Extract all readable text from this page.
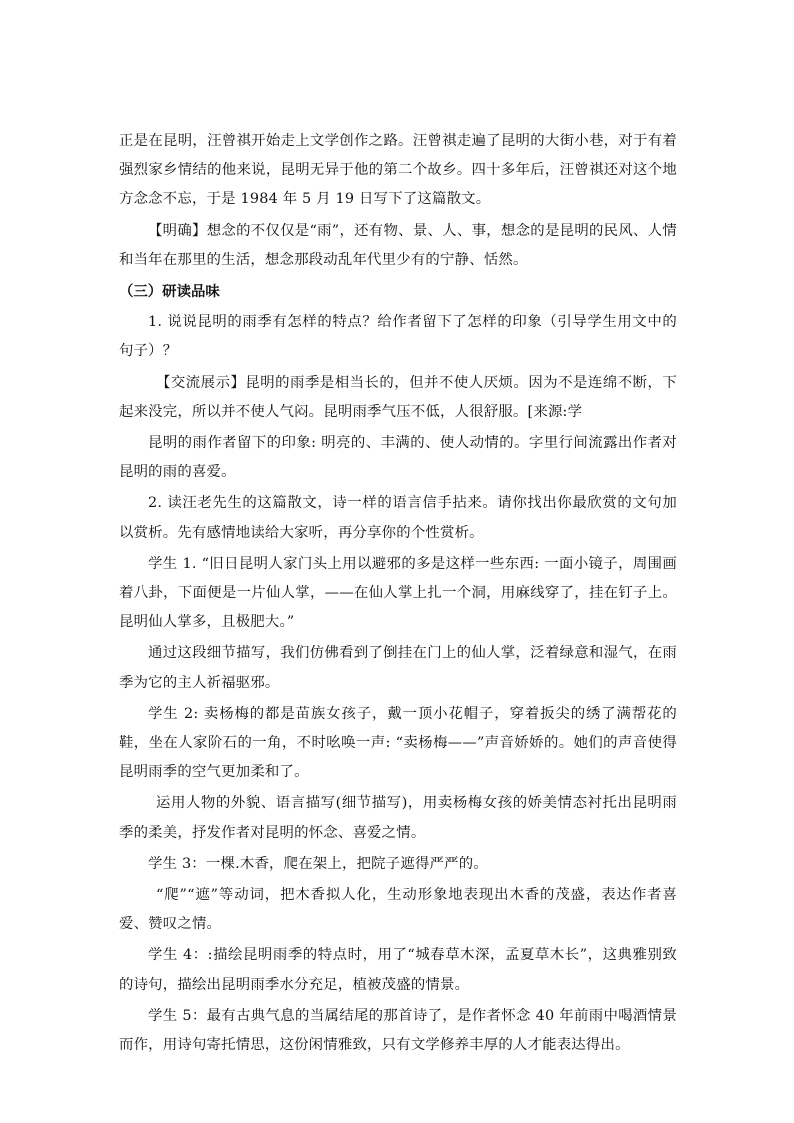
正是在昆明，汪曾祺开始走上文学创作之路。汪曾祺走遍了昆明的大街小巷，对于有着强烈家乡情结的他来说，昆明无异于他的第二个故乡。四十多年后，汪曾祺还对这个地方念念不忘，于是 1984 年 5 月 19 日写下了这篇散文。

【明确】想念的不仅仅是“雨”，还有物、景、人、事，想念的是昆明的民风、人情和当年在那里的生活，想念那段动乱年代里少有的宁静、恬然。

（三）研读品味

1. 说说昆明的雨季有怎样的特点？给作者留下了怎样的印象（引导学生用文中的句子）？

【交流展示】昆明的雨季是相当长的，但并不使人厌烦。因为不是连绵不断，下起来没完，所以并不使人气闷。昆明雨季气压不低，人很舒服。[来源:学

昆明的雨作者留下的印象: 明亮的、丰满的、使人动情的。字里行间流露出作者对昆明的雨的喜爱。

2. 读汪老先生的这篇散文，诗一样的语言信手拈来。请你找出你最欣赏的文句加以赏析。先有感情地读给大家听，再分享你的个性赏析。

学生 1. “旧日昆明人家门头上用以避邪的多是这样一些东西: 一面小镜子，周围画着八卦，下面便是一片仙人掌，——在仙人掌上扎一个洞，用麻线穿了，挂在钉子上。昆明仙人掌多，且极肥大。”

通过这段细节描写，我们仿佛看到了倒挂在门上的仙人掌，泛着绿意和湿气，在雨季为它的主人祈福驱邪。

学生 2: 卖杨梅的都是苗族女孩子，戴一顶小花帽子，穿着扳尖的绣了满帮花的鞋，坐在人家阶石的一角，不时吆唤一声: “卖杨梅——”声音娇娇的。她们的声音使得昆明雨季的空气更加柔和了。

运用人物的外貌、语言描写(细节描写)，用卖杨梅女孩的娇美情态衬托出昆明雨季的柔美，抒发作者对昆明的怀念、喜爱之情。

学生 3：一棵.木香，爬在架上，把院子遮得严严的。

“爬”“遮”等动词，把木香拟人化，生动形象地表现出木香的茂盛，表达作者喜爱、赞叹之情。

学生 4：:描绘昆明雨季的特点时，用了“城春草木深，孟夏草木长”，这典雅别致的诗句，描绘出昆明雨季水分充足，植被茂盛的情景。

学生 5：最有古典气息的当属结尾的那首诗了，是作者怀念 40 年前雨中喝酒情景而作，用诗句寄托情思，这份闲情雅致，只有文学修养丰厚的人才能表达得出。
